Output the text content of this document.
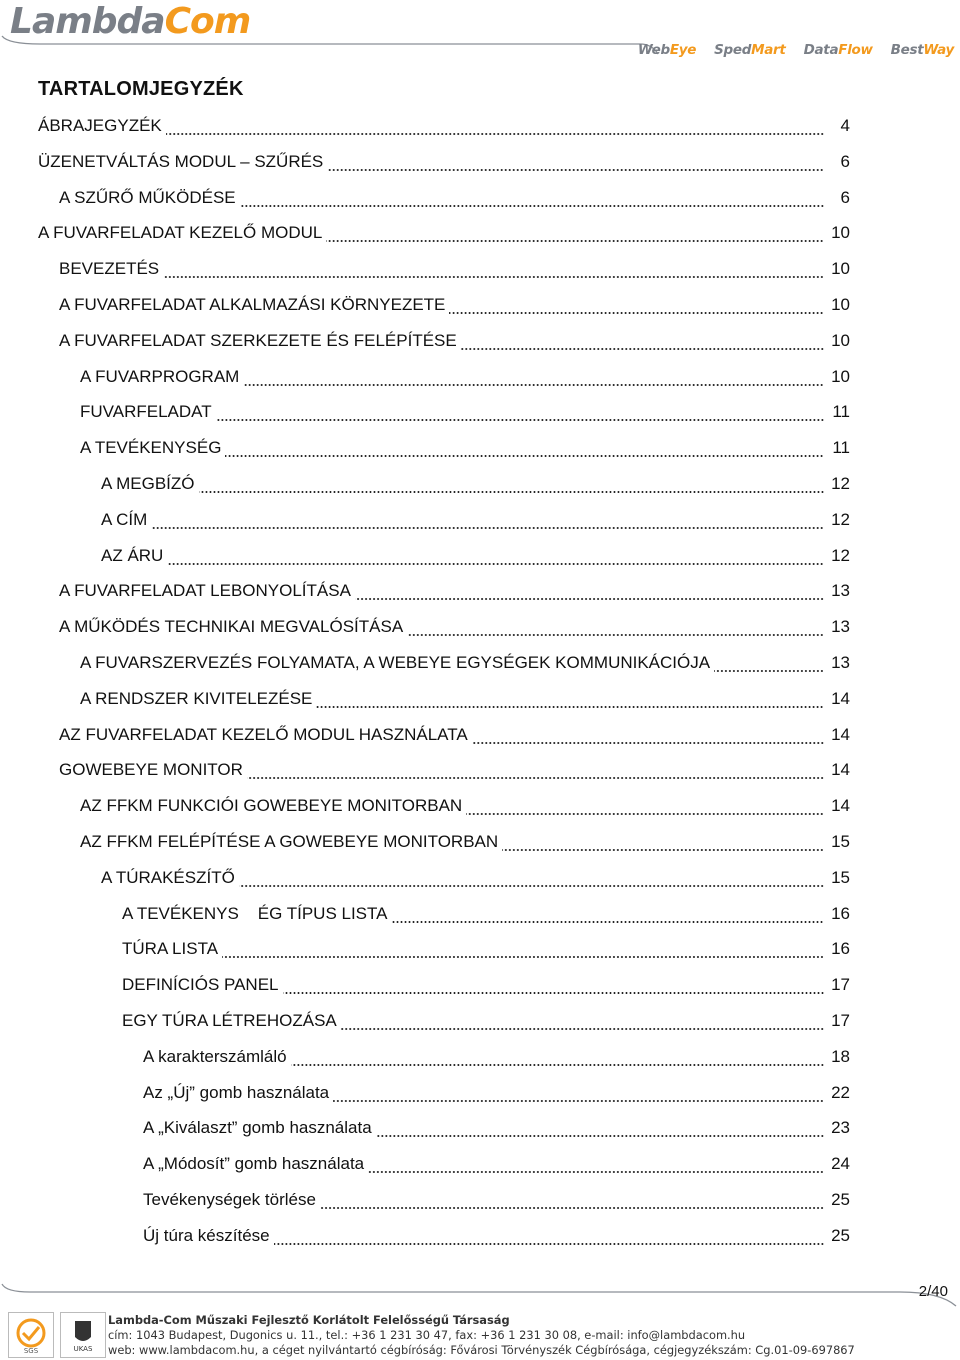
LambdaCom
WebEye SpedMart DataFlow BestWay
TARTALOMJEGYZÉK
ÁBRAJEGYZÉK	4
ÜZENETVÁLTÁS MODUL – SZŰRÉS	6
A SZŰRŐ MŰKÖDÉSE	6
A FUVARFELADAT KEZELŐ MODUL	10
BEVEZETÉS	10
A FUVARFELADAT ALKALMAZÁSI KÖRNYEZETE	10
A FUVARFELADAT SZERKEZETE ÉS FELÉPÍTÉSE	10
A FUVARPROGRAM	10
FUVARFELADAT	11
A TEVÉKENYSÉG	11
A MEGBÍZÓ	12
A CÍM	12
AZ ÁRU	12
A FUVARFELADAT LEBONYOLÍTÁSA	13
A MŰKÖDÉS TECHNIKAI MEGVALÓSÍTÁSA	13
A FUVARSZERVEZÉS FOLYAMATA, A WEBEYE EGYSÉGEK KOMMUNIKÁCIÓJA	13
A RENDSZER KIVITELEZÉSE	14
AZ FUVARFELADAT KEZELŐ MODUL HASZNÁLATA	14
GOWEBEYE MONITOR	14
AZ FFKM FUNKCIÓI GOWEBEYE MONITORBAN	14
AZ FFKM FELÉPÍTÉSE A GOWEBEYE MONITORBAN	15
A TÚRAKÉSZÍTŐ	15
A TEVÉKENYS    ÉG TÍPUS LISTA	16
TÚRA LISTA	16
DEFINÍCIÓS PANEL	17
EGY TÚRA LÉTREHOZÁSA	17
A karakterszámláló	18
Az „Új” gomb használata	22
A „Kiválaszt” gomb használata	23
A „Módosít” gomb használata	24
Tevékenységek törlése	25
Új túra készítése	25
2/40
SGS	UKAS
Lambda-Com Műszaki Fejlesztő Korlátolt Felelősségű Társaság
cím: 1043 Budapest, Dugonics u. 11., tel.: +36 1 231 30 47, fax: +36 1 231 30 08, e-mail: info@lambdacom.hu
web: www.lambdacom.hu, a céget nyilvántartó cégbíróság: Fővárosi Törvényszék Cégbírósága, cégjegyzékszám: Cg.01-09-697867
